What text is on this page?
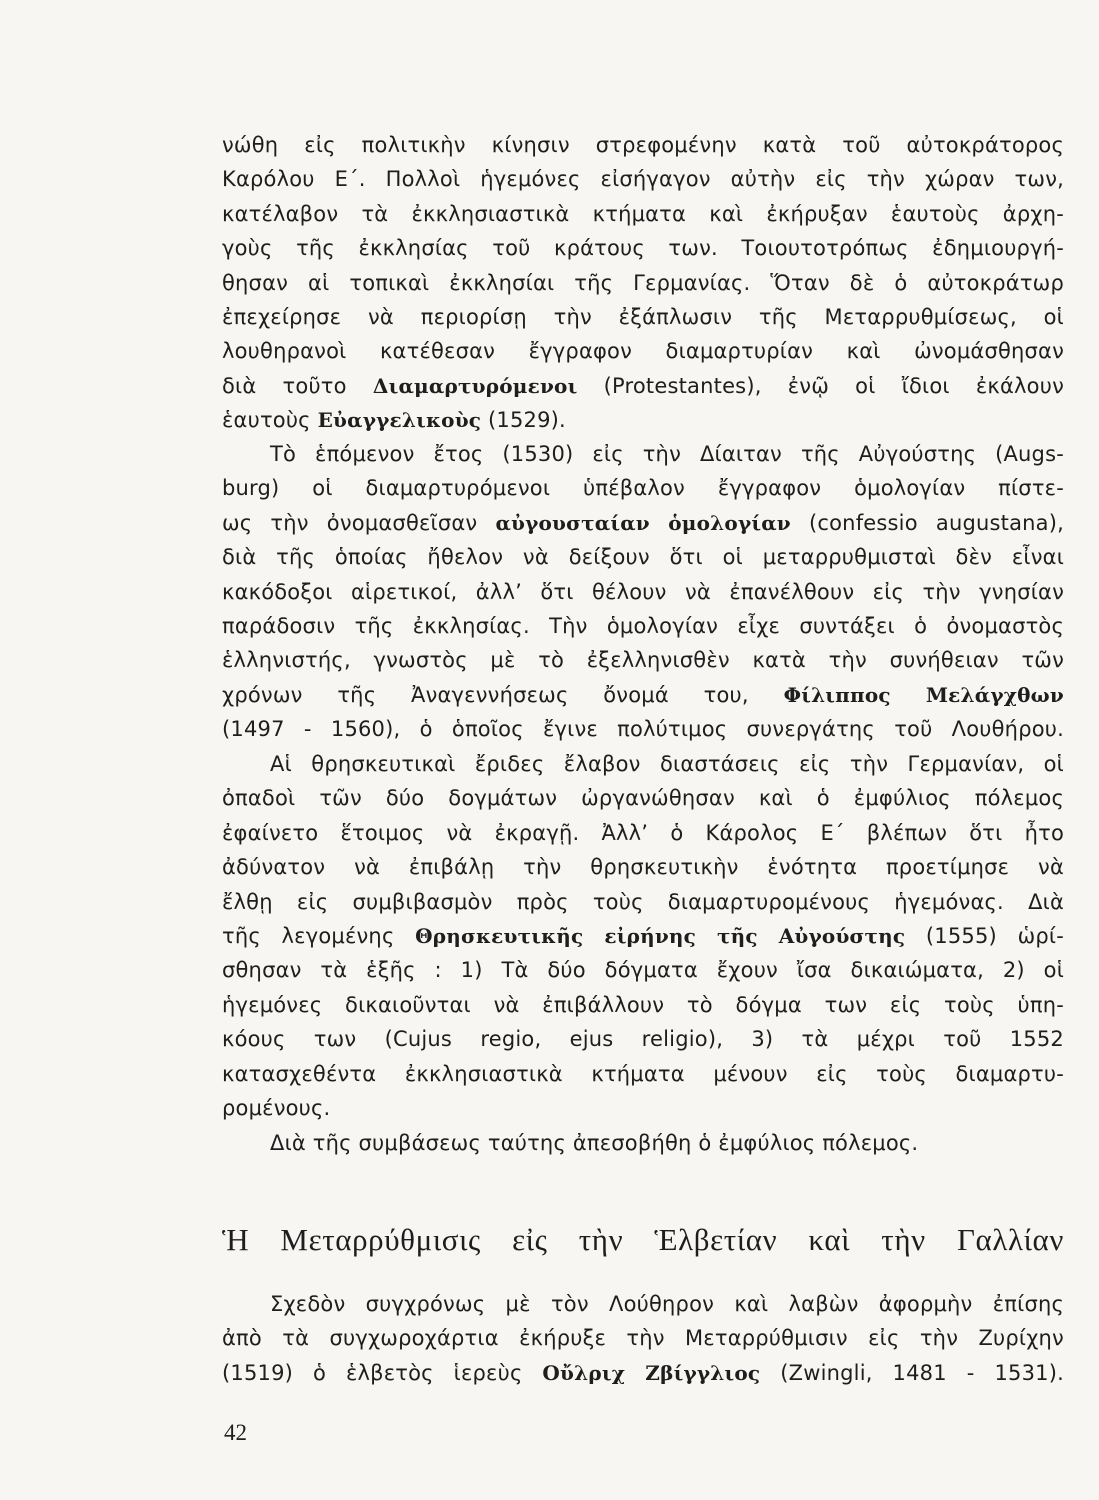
νώθη εἰς πολιτικὴν κίνησιν στρεφομένην κατὰ τοῦ αὐτοκράτορος
Καρόλου Ε΄. Πολλοὶ ἡγεμόνες εἰσήγαγον αὐτὴν εἰς τὴν χώραν των,
κατέλαβον τὰ ἐκκλησιαστικὰ κτήματα καὶ ἐκήρυξαν ἑαυτοὺς ἀρχη-
γοὺς τῆς ἐκκλησίας τοῦ κράτους των. Τοιουτοτρόπως ἐδημιουργή-
θησαν αἱ τοπικαὶ ἐκκλησίαι τῆς Γερμανίας. Ὅταν δὲ ὁ αὐτοκράτωρ
ἐπεχείρησε νὰ περιορίσῃ τὴν ἐξάπλωσιν τῆς Μεταρρυθμίσεως, οἱ
λουθηρανοὶ κατέθεσαν ἔγγραφον διαμαρτυρίαν καὶ ὠνομάσθησαν
διὰ τοῦτο Διαμαρτυρόμενοι (Protestantes), ἐνῷ οἱ ἴδιοι ἐκάλουν
ἑαυτοὺς Εὐαγγελικοὺς (1529).
Τὸ ἑπόμενον ἔτος (1530) εἰς τὴν Δίαιταν τῆς Αὐγούστης (Augs-
burg) οἱ διαμαρτυρόμενοι ὑπέβαλον ἔγγραφον ὁμολογίαν πίστε-
ως τὴν ὀνομασθεῖσαν αὐγουσταίαν ὁμολογίαν (confessio augustana),
διὰ τῆς ὁποίας ἤθελον νὰ δείξουν ὅτι οἱ μεταρρυθμισταὶ δὲν εἶναι
κακόδοξοι αἱρετικοί, ἀλλ’ ὅτι θέλουν νὰ ἐπανέλθουν εἰς τὴν γνησίαν
παράδοσιν τῆς ἐκκλησίας. Τὴν ὁμολογίαν εἶχε συντάξει ὁ ὀνομαστὸς
ἑλληνιστής, γνωστὸς μὲ τὸ ἐξελληνισθὲν κατὰ τὴν συνήθειαν τῶν
χρόνων τῆς Ἀναγεννήσεως ὄνομά του, Φίλιππος Μελάγχθων
(1497 - 1560), ὁ ὁποῖος ἔγινε πολύτιμος συνεργάτης τοῦ Λουθήρου.
Αἱ θρησκευτικαὶ ἔριδες ἔλαβον διαστάσεις εἰς τὴν Γερμανίαν, οἱ
ὀπαδοὶ τῶν δύο δογμάτων ὠργανώθησαν καὶ ὁ ἐμφύλιος πόλεμος
ἐφαίνετο ἕτοιμος νὰ ἐκραγῇ. Ἀλλ’ ὁ Κάρολος Ε΄ βλέπων ὅτι ἦτο
ἀδύνατον νὰ ἐπιβάλῃ τὴν θρησκευτικὴν ἑνότητα προετίμησε νὰ
ἔλθῃ εἰς συμβιβασμὸν πρὸς τοὺς διαμαρτυρομένους ἡγεμόνας. Διὰ
τῆς λεγομένης Θρησκευτικῆς εἰρήνης τῆς Αὐγούστης (1555) ὡρί-
σθησαν τὰ ἑξῆς : 1) Τὰ δύο δόγματα ἔχουν ἴσα δικαιώματα, 2) οἱ
ἡγεμόνες δικαιοῦνται νὰ ἐπιβάλλουν τὸ δόγμα των εἰς τοὺς ὑπη-
κόους των (Cujus regio, ejus religio), 3) τὰ μέχρι τοῦ 1552
κατασχεθέντα ἐκκλησιαστικὰ κτήματα μένουν εἰς τοὺς διαμαρτυ-
ρομένους.
Διὰ τῆς συμβάσεως ταύτης ἀπεσοβήθη ὁ ἐμφύλιος πόλεμος.
Ἡ Μεταρρύθμισις εἰς τὴν Ἑλβετίαν καὶ τὴν Γαλλίαν
Σχεδὸν συγχρόνως μὲ τὸν Λούθηρον καὶ λαβὼν ἀφορμὴν ἐπίσης
ἀπὸ τὰ συγχωροχάρτια ἐκήρυξε τὴν Μεταρρύθμισιν εἰς τὴν Ζυρίχην
(1519) ὁ ἑλβετὸς ἱερεὺς Οὔλριχ Ζβίγγλιος (Zwingli, 1481 - 1531).
42
